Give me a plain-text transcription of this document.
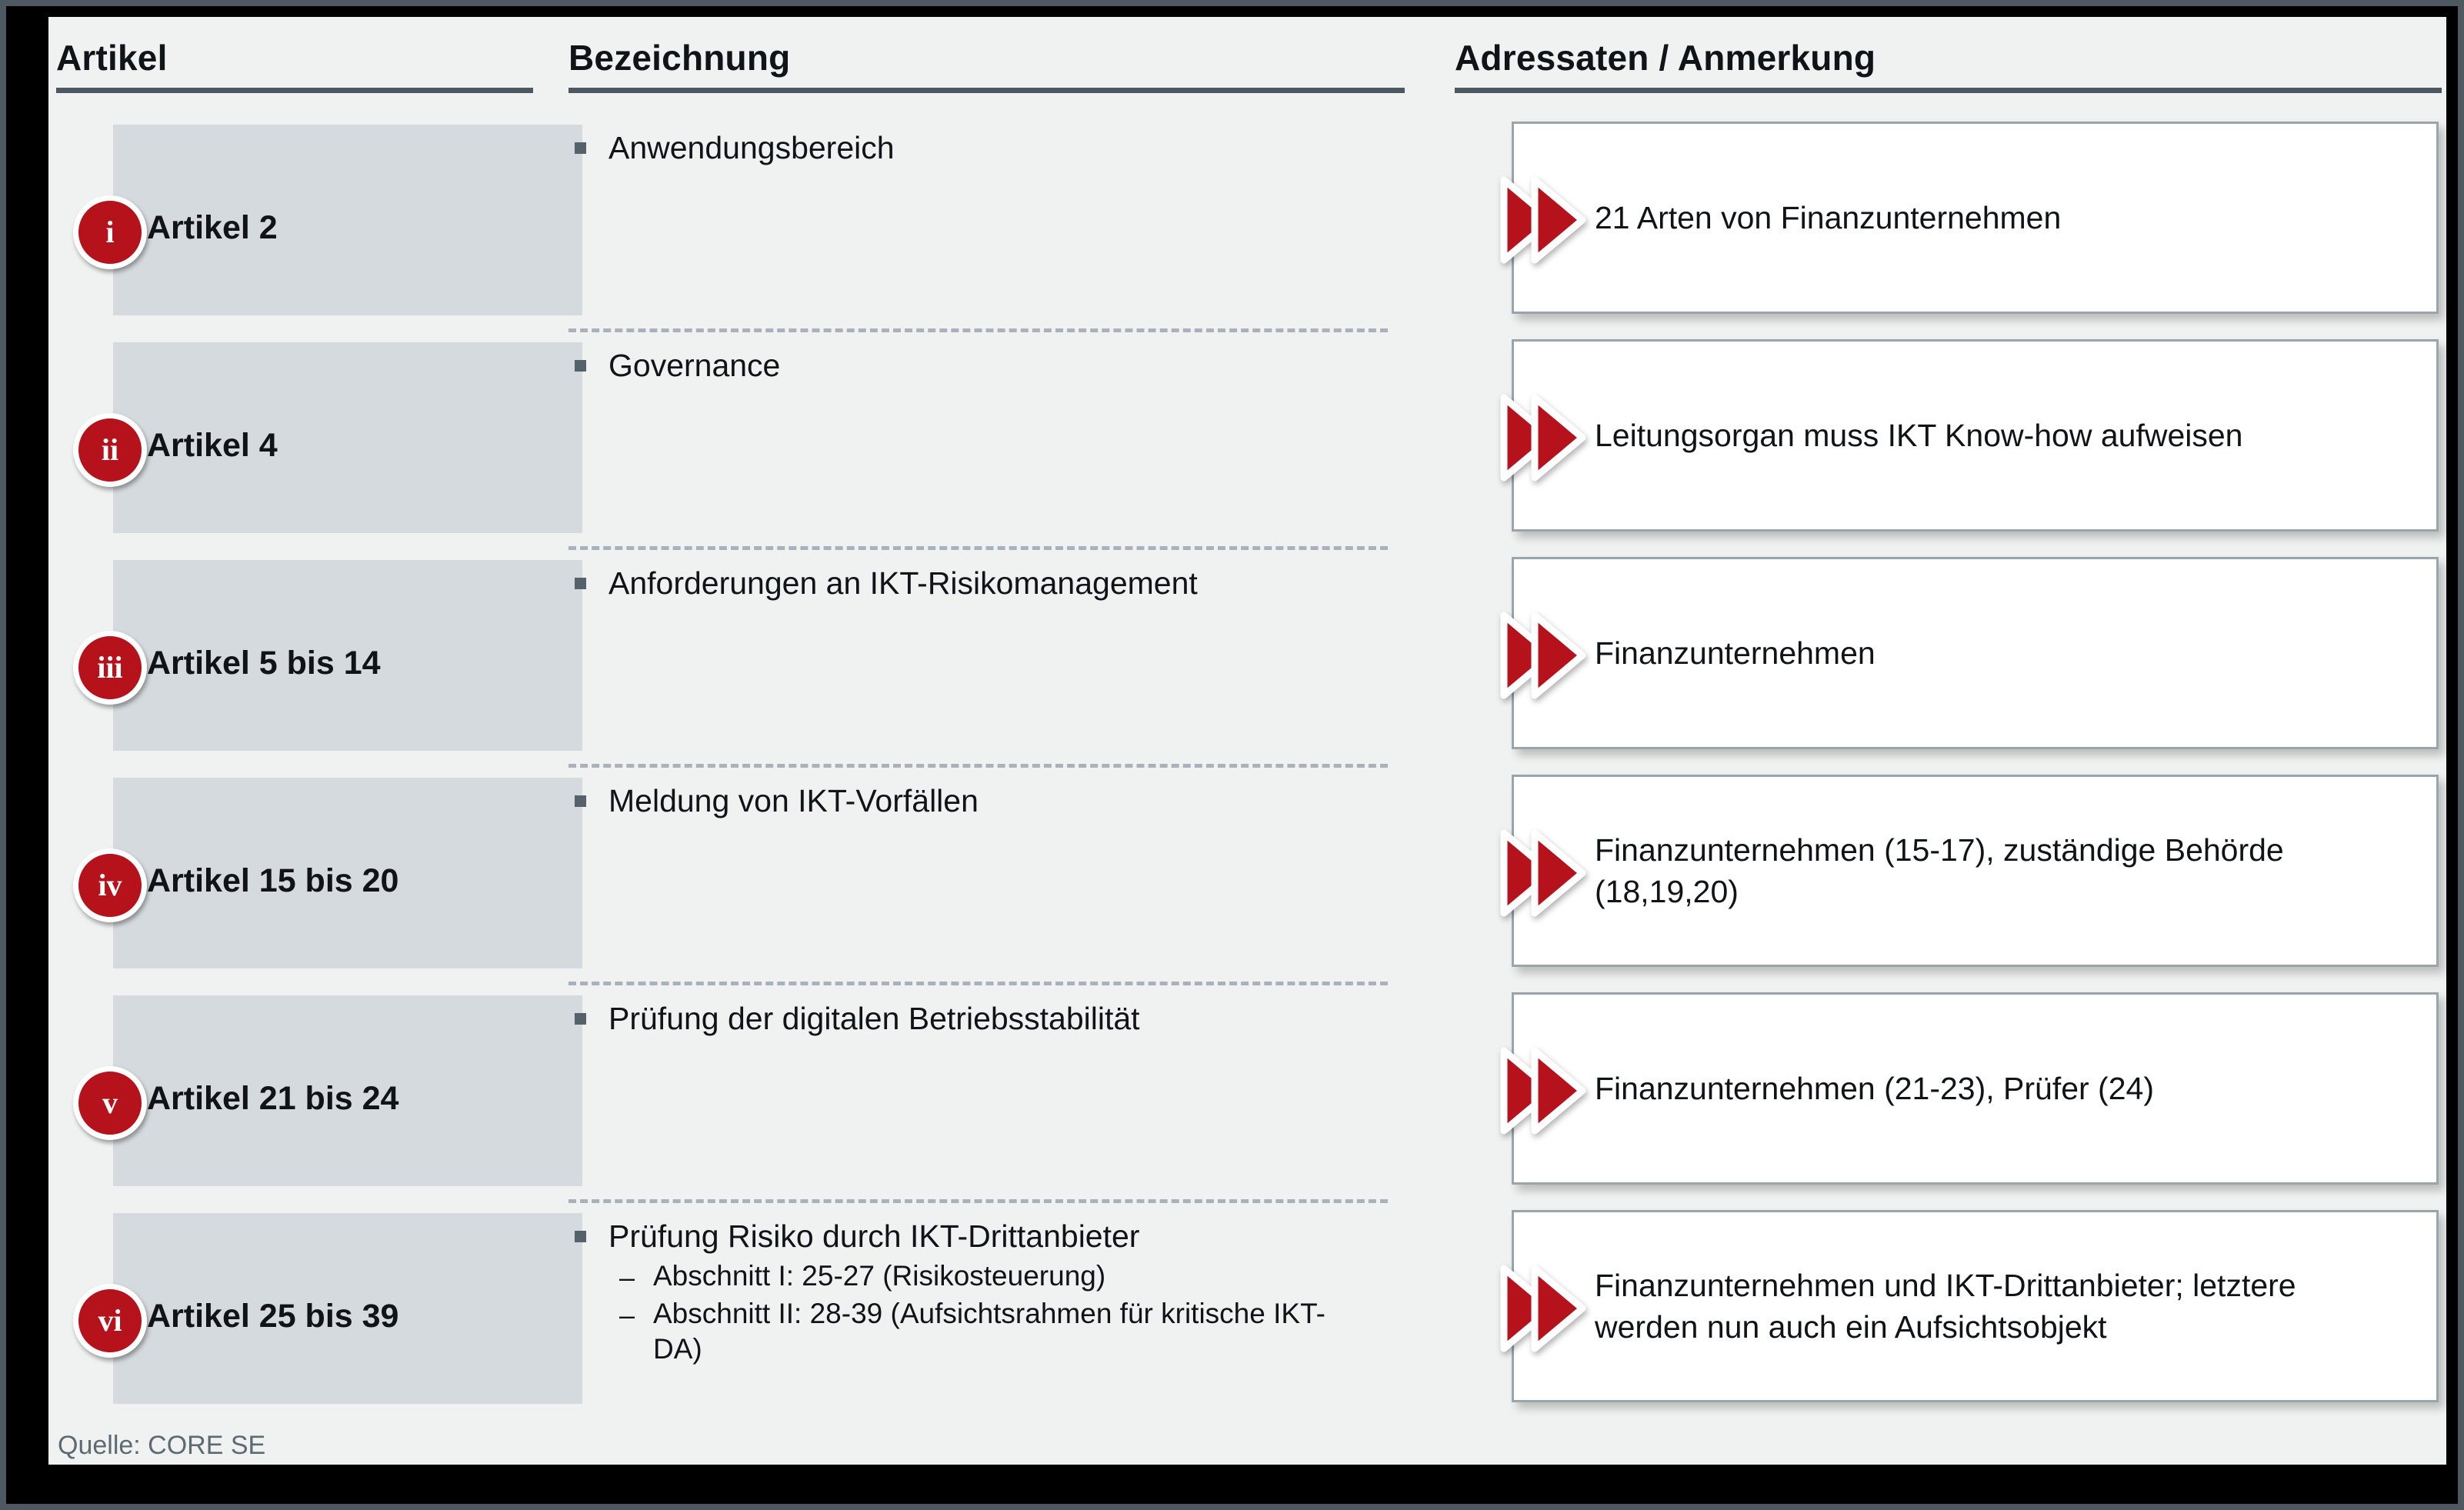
Artikel	Bezeichnung	Adressaten / Anmerkung
i Artikel 2
Anwendungsbereich
21 Arten von Finanzunternehmen
ii Artikel 4
Governance
Leitungsorgan muss IKT Know-how aufweisen
iii Artikel 5 bis 14
Anforderungen an IKT-Risikomanagement
Finanzunternehmen
iv Artikel 15 bis 20
Meldung von IKT-Vorfällen
Finanzunternehmen (15-17), zuständige Behörde (18,19,20)
v Artikel 21 bis 24
Prüfung der digitalen Betriebsstabilität
Finanzunternehmen (21-23), Prüfer (24)
vi Artikel 25 bis 39
Prüfung Risiko durch IKT-Drittanbieter
– Abschnitt I: 25-27 (Risikosteuerung)
– Abschnitt II: 28-39 (Aufsichtsrahmen für kritische IKT-DA)
Finanzunternehmen und IKT-Drittanbieter; letztere werden nun auch ein Aufsichtsobjekt
Quelle: CORE SE
